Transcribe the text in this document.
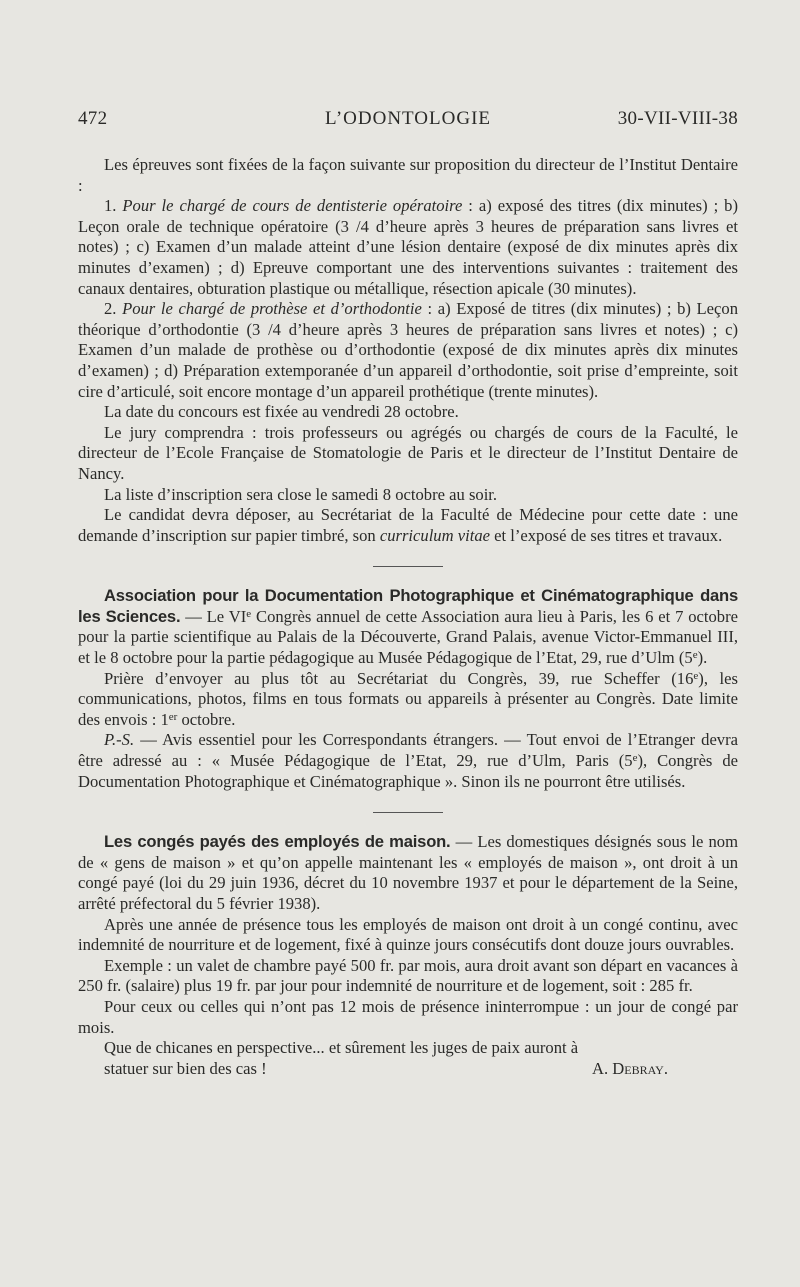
472	L’ODONTOLOGIE	30-VII-VIII-38

Les épreuves sont fixées de la façon suivante sur proposition du directeur de l’Institut Dentaire :

1. Pour le chargé de cours de dentisterie opératoire : a) exposé des titres (dix minutes) ; b) Leçon orale de technique opératoire (3 /4 d’heure après 3 heures de préparation sans livres et notes) ; c) Examen d’un malade atteint d’une lésion dentaire (exposé de dix minutes après dix minutes d’examen) ; d) Epreuve comportant une des interventions suivantes : traitement des canaux dentaires, obturation plastique ou métallique, résection apicale (30 minutes).

2. Pour le chargé de prothèse et d’orthodontie : a) Exposé de titres (dix minutes) ; b) Leçon théorique d’orthodontie (3 /4 d’heure après 3 heures de préparation sans livres et notes) ; c) Examen d’un malade de prothèse ou d’orthodontie (exposé de dix minutes après dix minutes d’examen) ; d) Préparation extemporanée d’un appareil d’orthodontie, soit prise d’empreinte, soit cire d’articulé, soit encore montage d’un appareil prothétique (trente minutes).

La date du concours est fixée au vendredi 28 octobre.

Le jury comprendra : trois professeurs ou agrégés ou chargés de cours de la Faculté, le directeur de l’Ecole Française de Stomatologie de Paris et le directeur de l’Institut Dentaire de Nancy.

La liste d’inscription sera close le samedi 8 octobre au soir.

Le candidat devra déposer, au Secrétariat de la Faculté de Médecine pour cette date : une demande d’inscription sur papier timbré, son curriculum vitae et l’exposé de ses titres et travaux.

Association pour la Documentation Photographique et Cinématographique dans les Sciences. — Le VIe Congrès annuel de cette Association aura lieu à Paris, les 6 et 7 octobre pour la partie scientifique au Palais de la Découverte, Grand Palais, avenue Victor-Emmanuel III, et le 8 octobre pour la partie pédagogique au Musée Pédagogique de l’Etat, 29, rue d’Ulm (5e).

Prière d’envoyer au plus tôt au Secrétariat du Congrès, 39, rue Scheffer (16e), les communications, photos, films en tous formats ou appareils à présenter au Congrès. Date limite des envois : 1er octobre.

P.-S. — Avis essentiel pour les Correspondants étrangers. — Tout envoi de l’Etranger devra être adressé au : « Musée Pédagogique de l’Etat, 29, rue d’Ulm, Paris (5e), Congrès de Documentation Photographique et Cinématographique ». Sinon ils ne pourront être utilisés.

Les congés payés des employés de maison. — Les domestiques désignés sous le nom de « gens de maison » et qu’on appelle maintenant les « employés de maison », ont droit à un congé payé (loi du 29 juin 1936, décret du 10 novembre 1937 et pour le département de la Seine, arrêté préfectoral du 5 février 1938).

Après une année de présence tous les employés de maison ont droit à un congé continu, avec indemnité de nourriture et de logement, fixé à quinze jours consécutifs dont douze jours ouvrables.

Exemple : un valet de chambre payé 500 fr. par mois, aura droit avant son départ en vacances à 250 fr. (salaire) plus 19 fr. par jour pour indemnité de nourriture et de logement, soit : 285 fr.

Pour ceux ou celles qui n’ont pas 12 mois de présence ininterrompue : un jour de congé par mois.

Que de chicanes en perspective... et sûrement les juges de paix auront à

statuer sur bien des cas !	A. Debray.
